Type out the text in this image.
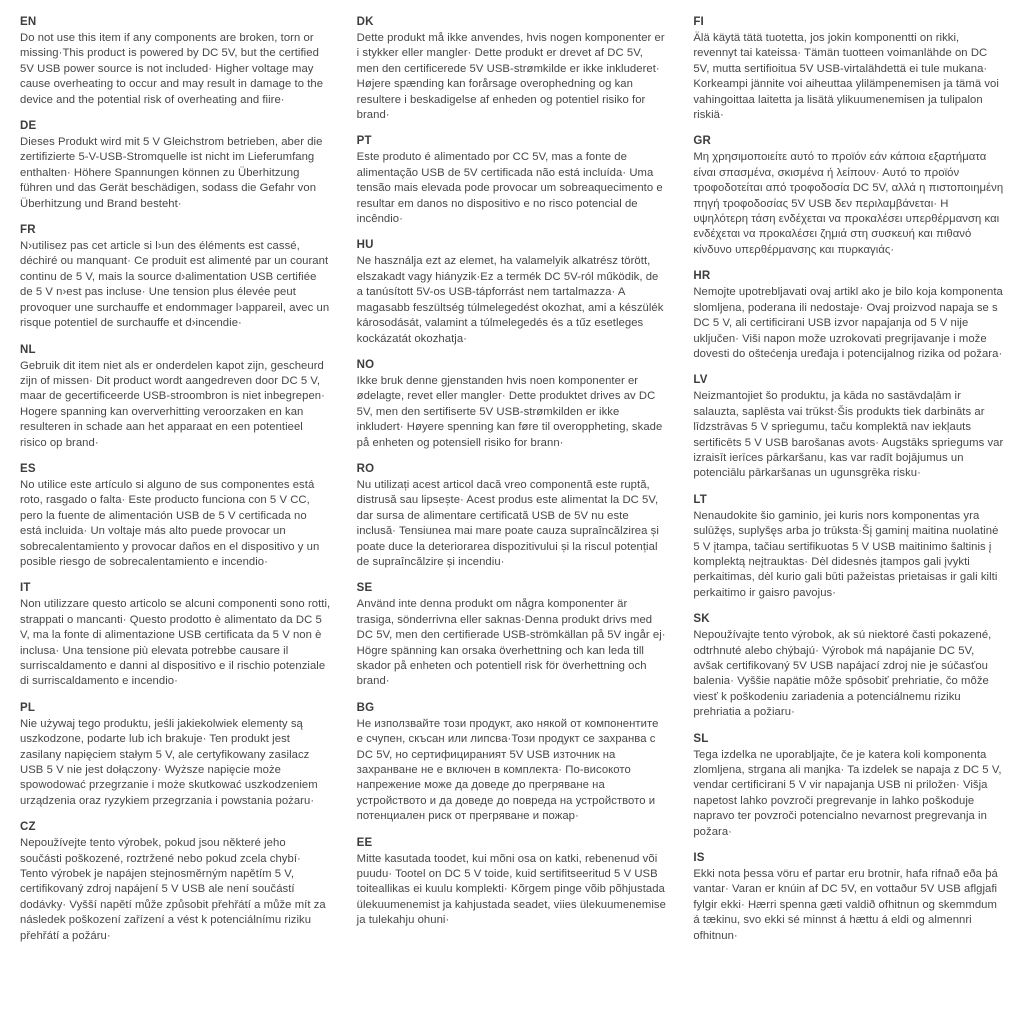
EN

Do not use this item if any components are broken, torn or missing·This product is powered by DC 5V, but the certified 5V USB power source is not included· Higher voltage may cause overheating to occur and may result in damage to the device and the potential risk of overheating and fiire·

DE

Dieses Produkt wird mit 5 V Gleichstrom betrieben, aber die zertifizierte 5-V-USB-Stromquelle ist nicht im Lieferumfang enthalten· Höhere Spannungen können zu Überhitzung führen und das Gerät beschädigen, sodass die Gefahr von Überhitzung und Brand besteht·

FR

N›utilisez pas cet article si l›un des éléments est cassé, déchiré ou manquant· Ce produit est alimenté par un courant continu de 5 V, mais la source d›alimentation USB certifiée de 5 V n›est pas incluse· Une tension plus élevée peut provoquer une surchauffe et endommager l›appareil, avec un risque potentiel de surchauffe et d›incendie·

NL

Gebruik dit item niet als er onderdelen kapot zijn, gescheurd zijn of missen· Dit product wordt aangedreven door DC 5 V, maar de gecertificeerde USB-stroombron is niet inbegrepen· Hogere spanning kan oververhitting veroorzaken en kan resulteren in schade aan het apparaat en een potentieel risico op brand·

ES

No utilice este artículo si alguno de sus componentes está roto, rasgado o falta· Este producto funciona con 5 V CC, pero la fuente de alimentación USB de 5 V certificada no está incluida· Un voltaje más alto puede provocar un sobrecalentamiento y provocar daños en el dispositivo y un posible riesgo de sobrecalentamiento e incendio·

IT

Non utilizzare questo articolo se alcuni componenti sono rotti, strappati o mancanti· Questo prodotto è alimentato da DC 5 V, ma la fonte di alimentazione USB certificata da 5 V non è inclusa· Una tensione più elevata potrebbe causare il surriscaldamento e danni al dispositivo e il rischio potenziale di surriscaldamento e incendio·

PL

Nie używaj tego produktu, jeśli jakiekolwiek elementy są uszkodzone, podarte lub ich brakuje· Ten produkt jest zasilany napięciem stałym 5 V, ale certyfikowany zasilacz USB 5 V nie jest dołączony· Wyższe napięcie może spowodować przegrzanie i może skutkować uszkodzeniem urządzenia oraz ryzykiem przegrzania i powstania pożaru·

CZ

Nepoužívejte tento výrobek, pokud jsou některé jeho součásti poškozené, roztržené nebo pokud zcela chybí· Tento výrobek je napájen stejnosměrným napětím 5 V, certifikovaný zdroj napájení 5 V USB ale není součástí dodávky· Vyšší napětí může způsobit přehřátí a může mít za následek poškození zařízení a vést k potenciálnímu riziku přehřátí a požáru·

DK

Dette produkt må ikke anvendes, hvis nogen komponenter er i stykker eller mangler· Dette produkt er drevet af DC 5V, men den certificerede 5V USB-strømkilde er ikke inkluderet· Højere spænding kan forårsage overophedning og kan resultere i beskadigelse af enheden og potentiel risiko for brand·

PT

Este produto é alimentado por CC 5V, mas a fonte de alimentação USB de 5V certificada não está incluída· Uma tensão mais elevada pode provocar um sobreaquecimento e resultar em danos no dispositivo e no risco potencial de incêndio·

HU

Ne használja ezt az elemet, ha valamelyik alkatrész törött, elszakadt vagy hiányzik·Ez a termék DC 5V-ról működik, de a tanúsított 5V-os USB-tápforrást nem tartalmazza· A magasabb feszültség túlmelegedést okozhat, ami a készülék károsodását, valamint a túlmelegedés és a tűz esetleges kockázatát okozhatja·

NO

Ikke bruk denne gjenstanden hvis noen komponenter er ødelagte, revet eller mangler· Dette produktet drives av DC 5V, men den sertifiserte 5V USB-strømkilden er ikke inkludert· Høyere spenning kan føre til overoppheting, skade på enheten og potensiell risiko for brann·

RO

Nu utilizați acest articol dacă vreo componentă este ruptă, distrusă sau lipsește· Acest produs este alimentat la DC 5V, dar sursa de alimentare certificată USB de 5V nu este inclusă· Tensiunea mai mare poate cauza supraîncălzirea și poate duce la deteriorarea dispozitivului și la riscul potențial de supraîncălzire și incendiu·

SE

Använd inte denna produkt om några komponenter är trasiga, sönderrivna eller saknas·Denna produkt drivs med DC 5V, men den certifierade USB-strömkällan på 5V ingår ej· Högre spänning kan orsaka överhettning och kan leda till skador på enheten och potentiell risk för överhettning och brand·

BG

Не използвайте този продукт, ако някой от компонентите е счупен, скъсан или липсва·Този продукт се захранва с DC 5V, но сертифицираният 5V USB източник на захранване не е включен в комплекта· По-високото напрежение може да доведе до прегряване на устройството и да доведе до повреда на устройството и потенциален риск от прегряване и пожар·

EE

Mitte kasutada toodet, kui mõni osa on katki, rebenenud või puudu· Tootel on DC 5 V toide, kuid sertifitseeritud 5 V USB toiteallikas ei kuulu komplekti· Kõrgem pinge võib põhjustada ülekuumenemist ja kahjustada seadet, viies ülekuumenemise ja tulekahju ohuni·

FI

Älä käytä tätä tuotetta, jos jokin komponentti on rikki, revennyt tai kateissa· Tämän tuotteen voimanlähde on DC 5V, mutta sertifioitua 5V USB-virtalähdettä ei tule mukana· Korkeampi jännite voi aiheuttaa ylilämpenemisen ja tämä voi vahingoittaa laitetta ja lisätä ylikuumenemisen ja tulipalon riskiä·

GR

Μη χρησιμοποιείτε αυτό το προϊόν εάν κάποια εξαρτήματα είναι σπασμένα, σκισμένα ή λείπουν· Αυτό το προϊόν τροφοδοτείται από τροφοδοσία DC 5V, αλλά η πιστοποιημένη πηγή τροφοδοσίας 5V USB δεν περιλαμβάνεται· Η υψηλότερη τάση ενδέχεται να προκαλέσει υπερθέρμανση και ενδέχεται να προκαλέσει ζημιά στη συσκευή και πιθανό κίνδυνο υπερθέρμανσης και πυρκαγιάς·

HR

Nemojte upotrebljavati ovaj artikl ako je bilo koja komponenta slomljena, poderana ili nedostaje· Ovaj proizvod napaja se s DC 5 V, ali certificirani USB izvor napajanja od 5 V nije uključen· Viši napon može uzrokovati pregrijavanje i može dovesti do oštećenja uređaja i potencijalnog rizika od požara·

LV

Neizmantojiet šo produktu, ja kāda no sastāvdaļām ir salauzta, saplēsta vai trūkst·Šis produkts tiek darbināts ar līdzstrāvas 5 V spriegumu, taču komplektā nav iekļauts sertificēts 5 V USB barošanas avots· Augstāks spriegums var izraisīt ierīces pārkaršanu, kas var radīt bojājumus un potenciālu pārkaršanas un ugunsgrēka risku·

LT

Nenaudokite šio gaminio, jei kuris nors komponentas yra sulūžęs, suplyšęs arba jo trūksta·Šį gaminį maitina nuolatinė 5 V įtampa, tačiau sertifikuotas 5 V USB maitinimo šaltinis į komplektą neįtrauktas· Dėl didesnės įtampos gali įvykti perkaitimas, dėl kurio gali būti pažeistas prietaisas ir gali kilti perkaitimo ir gaisro pavojus·

SK

Nepoužívajte tento výrobok, ak sú niektoré časti pokazené, odtrhnuté alebo chýbajú· Výrobok má napájanie DC 5V, avšak certifikovaný 5V USB napájací zdroj nie je súčasťou balenia· Vyššie napätie môže spôsobiť prehriatie, čo môže viesť k poškodeniu zariadenia a potenciálnemu riziku prehriatia a požiaru·

SL

Tega izdelka ne uporabljajte, če je katera koli komponenta zlomljena, strgana ali manjka· Ta izdelek se napaja z DC 5 V, vendar certificirani 5 V vir napajanja USB ni priložen· Višja napetost lahko povzroči pregrevanje in lahko poškoduje napravo ter povzroči potencialno nevarnost pregrevanja in požara·

IS

Ekki nota þessa vöru ef partar eru brotnir, hafa rifnað eða þá vantar· Varan er knúin af DC 5V, en vottaður 5V USB aflgjafi fylgir ekki· Hærri spenna gæti valdið ofhitnun og skemmdum á tækinu, svo ekki sé minnst á hættu á eldi og almennri ofhitnun·
